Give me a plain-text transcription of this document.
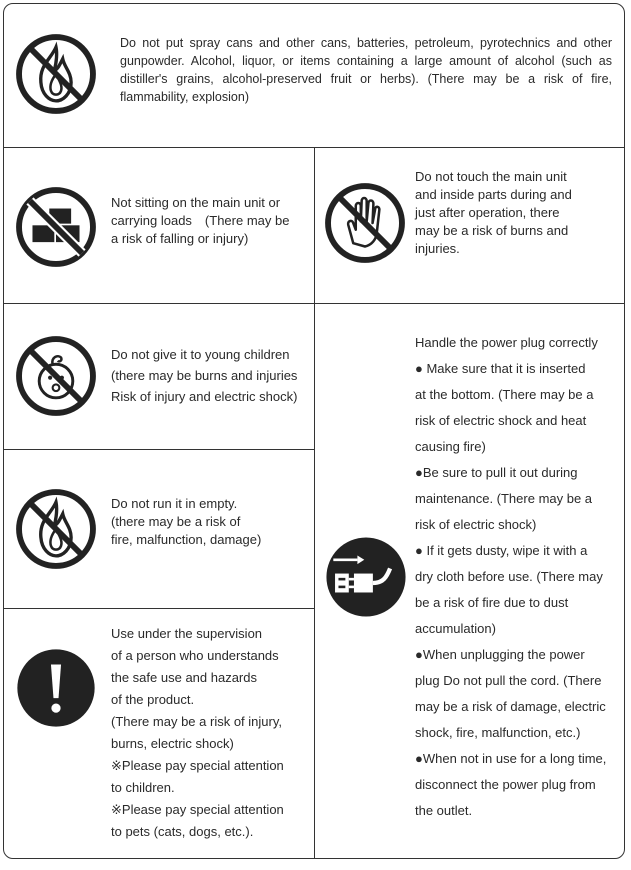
Do not put spray cans and other cans, batteries, petroleum, pyrotechnics and other gunpowder. Alcohol, liquor, or items containing a large amount of alcohol (such as distiller's grains, alcohol-preserved fruit or herbs). (There may be a risk of fire, flammability, explosion)

Not sitting on the main unit or

carrying loads　(There may be

a risk of falling or injury)

Do not touch the main unit

and inside parts during and

just after operation, there

may be a risk of burns and

injuries.

Do not give it to young children

(there may be burns and injuries

Risk of injury and electric shock)

Do not run it in empty.

(there may be a risk of

fire, malfunction, damage)

Use under the supervision

of a person who understands

the safe use and hazards

of the product.

(There may be a risk of injury,

burns, electric shock)

※Please pay special attention

to children.

※Please pay special attention

to pets (cats, dogs, etc.).

Handle the power plug correctly

● Make sure that it is inserted

at the bottom. (There may be a

risk of electric shock and heat

causing fire)

●Be sure to pull it out during

maintenance. (There may be a

risk of electric shock)

● If it gets dusty, wipe it with a

dry cloth before use. (There may

be a risk of fire due to dust

accumulation)

●When unplugging the power

plug Do not pull the cord. (There

may be a risk of damage, electric

shock, fire, malfunction, etc.)

●When not in use for a long time,

disconnect the power plug from

the outlet.
